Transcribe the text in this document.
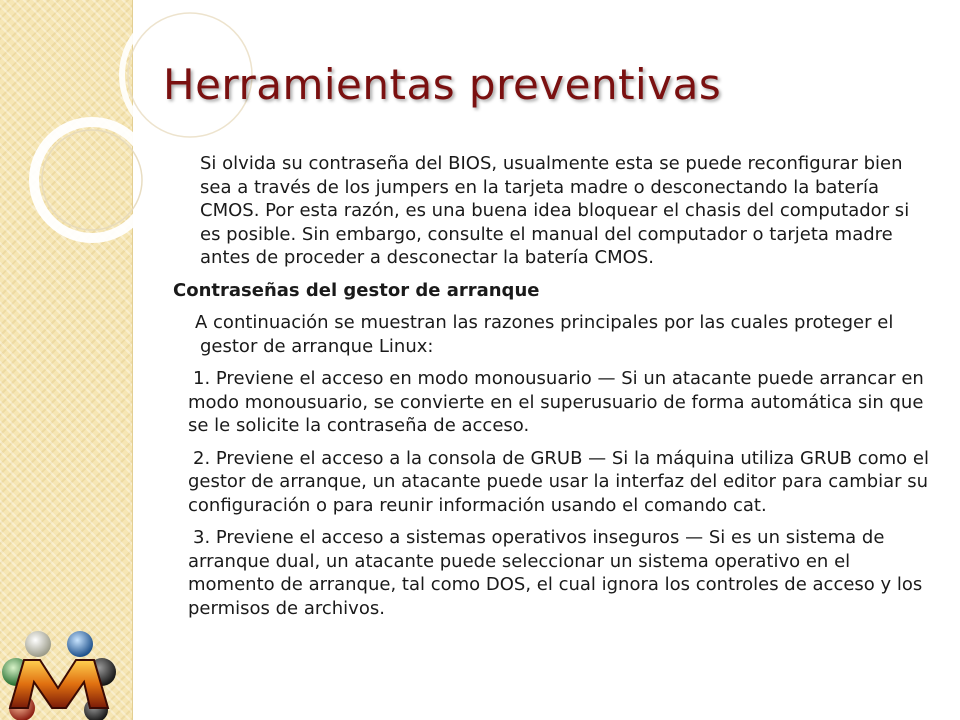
Herramientas preventivas

Si olvida su contraseña del BIOS, usualmente esta se puede reconfigurar bien sea a través de los jumpers en la tarjeta madre o desconectando la batería CMOS. Por esta razón, es una buena idea bloquear el chasis del computador si es posible. Sin embargo, consulte el manual del computador o tarjeta madre antes de proceder a desconectar la batería CMOS.

Contraseñas del gestor de arranque

A continuación se muestran las razones principales por las cuales proteger el gestor de arranque Linux:

1. Previene el acceso en modo monousuario — Si un atacante puede arrancar en modo monousuario, se convierte en el superusuario de forma automática sin que se le solicite la contraseña de acceso.

2. Previene el acceso a la consola de GRUB — Si la máquina utiliza GRUB como el gestor de arranque, un atacante puede usar la interfaz del editor para cambiar su configuración o para reunir información usando el comando cat.

3. Previene el acceso a sistemas operativos inseguros — Si es un sistema de arranque dual, un atacante puede seleccionar un sistema operativo en el momento de arranque, tal como DOS, el cual ignora los controles de acceso y los permisos de archivos.
